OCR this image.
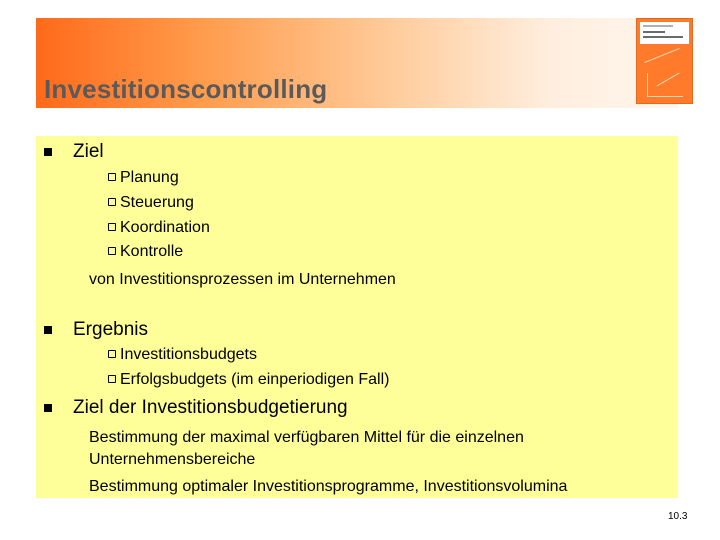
Investitionscontrolling
Ziel
Planung
Steuerung
Koordination
Kontrolle
von Investitionsprozessen im Unternehmen
Ergebnis
Investitionsbudgets
Erfolgsbudgets (im einperiodigen Fall)
Ziel der Investitionsbudgetierung
Bestimmung der maximal verfügbaren Mittel für die einzelnen
Unternehmensbereiche
Bestimmung optimaler Investitionsprogramme, Investitionsvolumina
10.3
